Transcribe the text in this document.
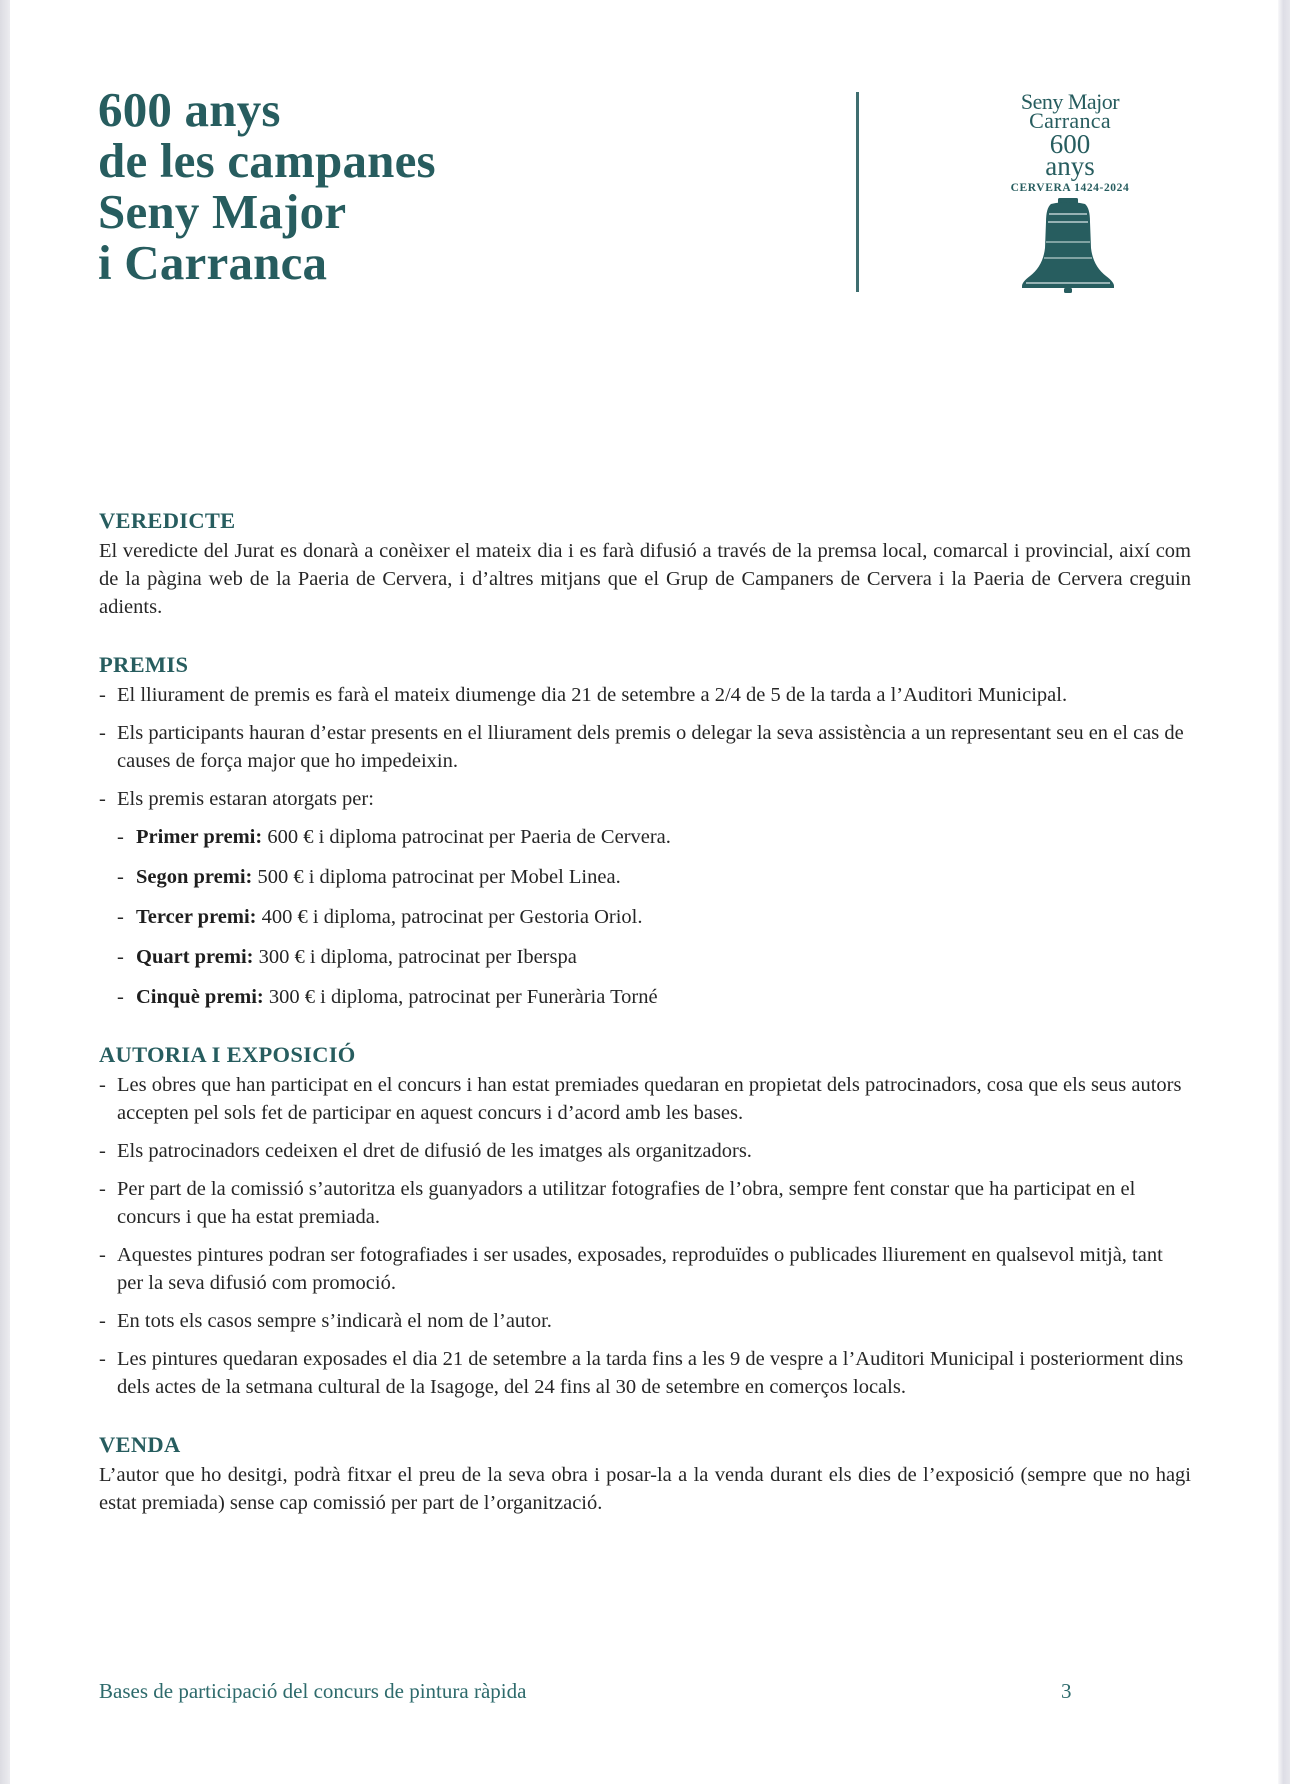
600 anys
de les campanes
Seny Major
i Carranca
Seny Major
Carranca
600
anys
CERVERA 1424-2024
VEREDICTE

El veredicte del Jurat es donarà a conèixer el mateix dia i es farà difusió a través de la premsa local, comarcal i provincial, així com de la pàgina web de la Paeria de Cervera, i d’altres mitjans que el Grup de Campaners de Cervera i la Paeria de Cervera creguin adients.

PREMIS

- El lliurament de premis es farà el mateix diumenge dia 21 de setembre a 2/4 de 5 de la tarda a l’Auditori Municipal.

- Els participants hauran d’estar presents en el lliurament dels premis o delegar la seva assistència a un representant seu en el cas de causes de força major que ho impedeixin.

- Els premis estaran atorgats per:

- Primer premi: 600 € i diploma patrocinat per Paeria de Cervera.

- Segon premi: 500 € i diploma patrocinat per Mobel Linea.

- Tercer premi: 400 € i diploma, patrocinat per Gestoria Oriol.

- Quart premi: 300 € i diploma, patrocinat per Iberspa

- Cinquè premi: 300 € i diploma, patrocinat per Funerària Torné

AUTORIA I EXPOSICIÓ

- Les obres que han participat en el concurs i han estat premiades quedaran en propietat dels patrocinadors, cosa que els seus autors accepten pel sols fet de participar en aquest concurs i d’acord amb les bases.

- Els patrocinadors cedeixen el dret de difusió de les imatges als organitzadors.

- Per part de la comissió s’autoritza els guanyadors a utilitzar fotografies de l’obra, sempre fent constar que ha participat en el concurs i que ha estat premiada.

- Aquestes pintures podran ser fotografiades i ser usades, exposades, reproduïdes o publicades lliurement en qualsevol mitjà, tant per la seva difusió com promoció.

- En tots els casos sempre s’indicarà el nom de l’autor.

- Les pintures quedaran exposades el dia 21 de setembre a la tarda fins a les 9 de vespre a l’Auditori Municipal i posteriorment dins dels actes de la setmana cultural de la Isagoge, del 24 fins al 30 de setembre en comerços locals.

VENDA

L’autor que ho desitgi, podrà fitxar el preu de la seva obra i posar-la a la venda durant els dies de l’exposició (sempre que no hagi estat premiada) sense cap comissió per part de l’organització.

Bases de participació del concurs de pintura ràpida	3
